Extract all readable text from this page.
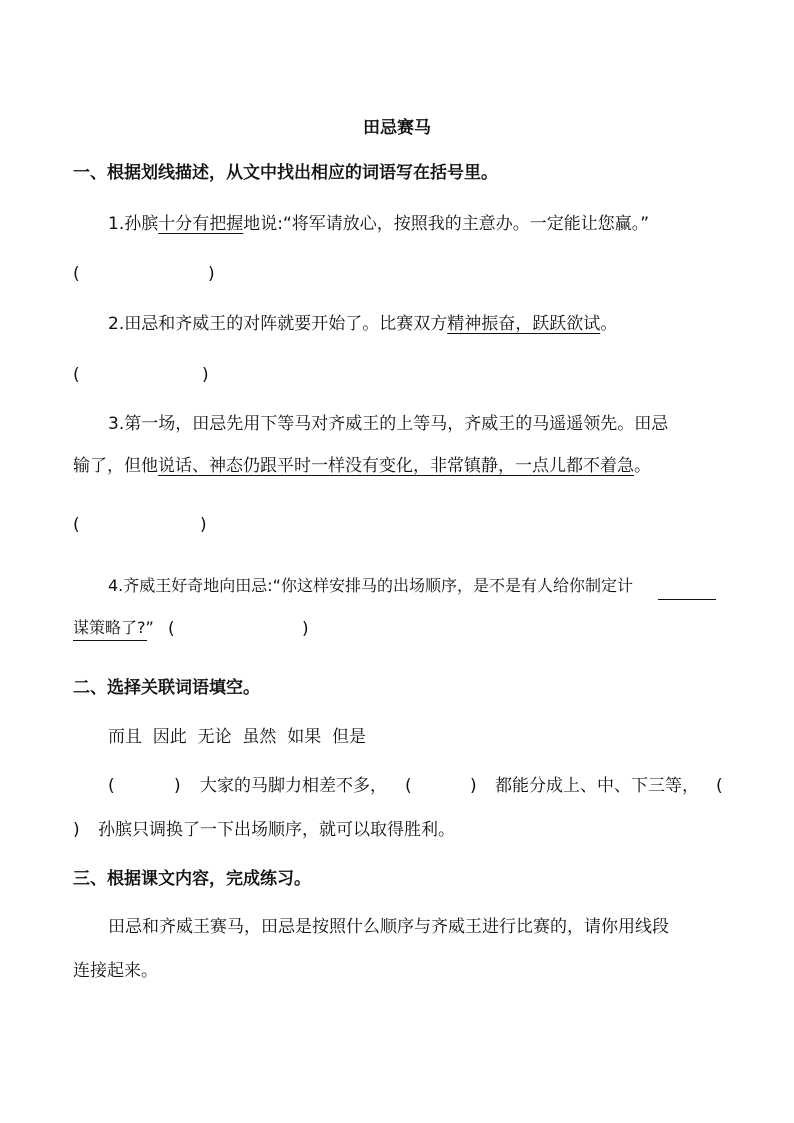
田忌赛马
一、根据划线描述，从文中找出相应的词语写在括号里。
1.孙膑十分有把握地说:“将军请放心，按照我的主意办。一定能让您赢。”
(	)
2.田忌和齐威王的对阵就要开始了。比赛双方精神振奋，跃跃欲试。
(	)
3.第一场，田忌先用下等马对齐威王的上等马，齐威王的马遥遥领先。田忌
输了，但他说话、神态仍跟平时一样没有变化，非常镇静，一点儿都不着急。
(	)
4.齐威王好奇地向田忌:“你这样安排马的出场顺序，是不是有人给你制定计
谋策略了?” (	)
二、选择关联词语填空。
而且  因此  无论  虽然  如果  但是
(	) 大家的马脚力相差不多， (	) 都能分成上、中、下三等， (
) 孙膑只调换了一下出场顺序，就可以取得胜利。
三、根据课文内容，完成练习。
田忌和齐威王赛马，田忌是按照什么顺序与齐威王进行比赛的，请你用线段
连接起来。
